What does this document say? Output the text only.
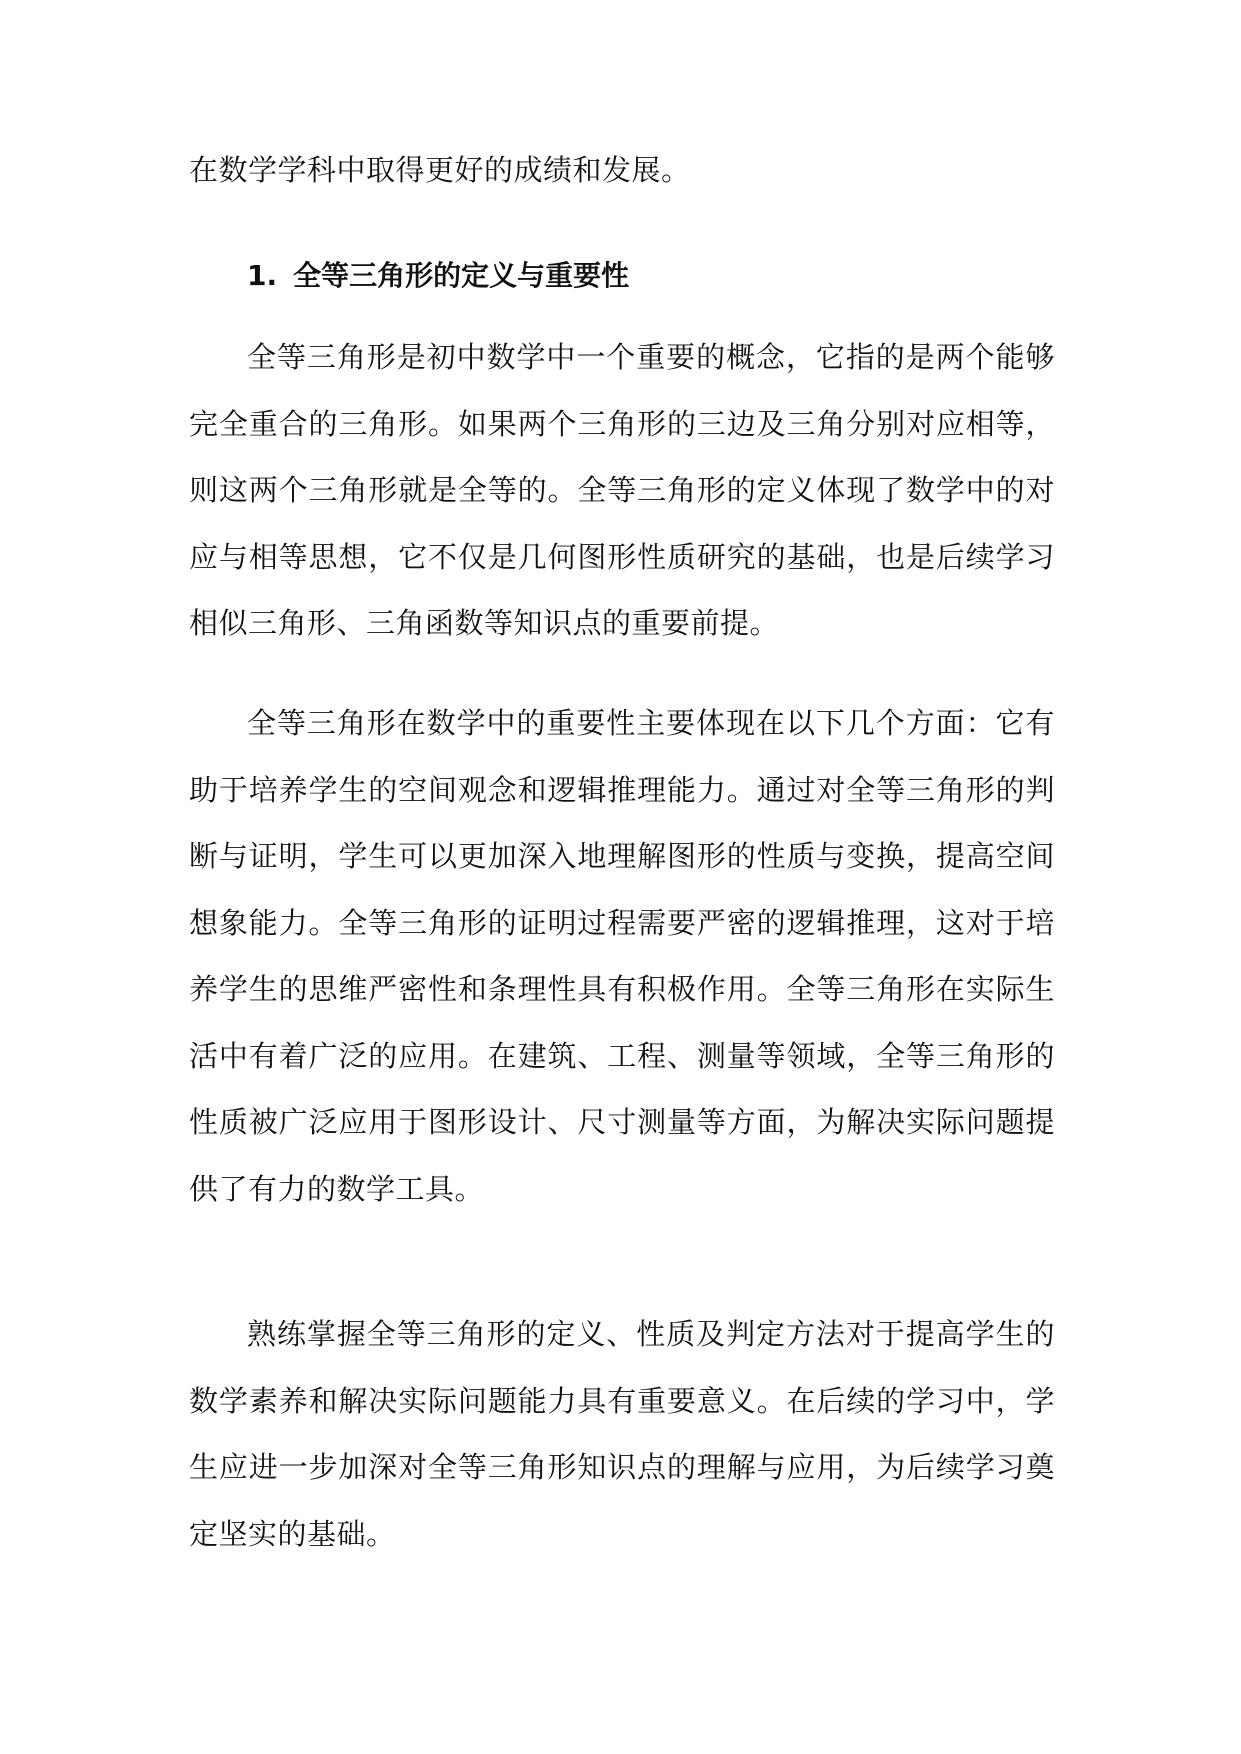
在数学学科中取得更好的成绩和发展。

1. 全等三角形的定义与重要性

全等三角形是初中数学中一个重要的概念，它指的是两个能够完全重合的三角形。如果两个三角形的三边及三角分别对应相等，则这两个三角形就是全等的。全等三角形的定义体现了数学中的对应与相等思想，它不仅是几何图形性质研究的基础，也是后续学习相似三角形、三角函数等知识点的重要前提。

全等三角形在数学中的重要性主要体现在以下几个方面：它有助于培养学生的空间观念和逻辑推理能力。通过对全等三角形的判断与证明，学生可以更加深入地理解图形的性质与变换，提高空间想象能力。全等三角形的证明过程需要严密的逻辑推理，这对于培养学生的思维严密性和条理性具有积极作用。全等三角形在实际生活中有着广泛的应用。在建筑、工程、测量等领域，全等三角形的性质被广泛应用于图形设计、尺寸测量等方面，为解决实际问题提供了有力的数学工具。

熟练掌握全等三角形的定义、性质及判定方法对于提高学生的数学素养和解决实际问题能力具有重要意义。在后续的学习中，学生应进一步加深对全等三角形知识点的理解与应用，为后续学习奠定坚实的基础。
